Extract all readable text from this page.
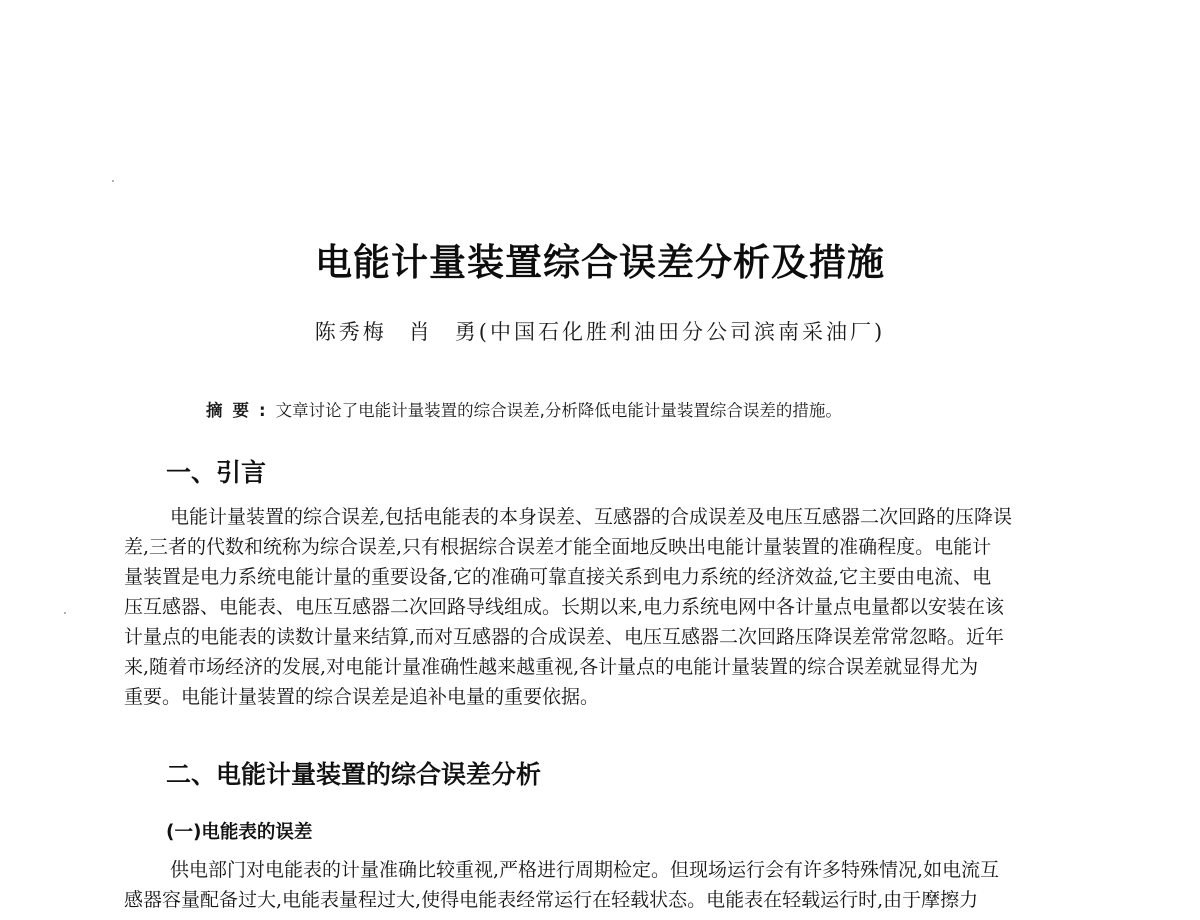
电能计量装置综合误差分析及措施
陈秀梅 肖 勇(中国石化胜利油田分公司滨南采油厂)
摘要:文章讨论了电能计量装置的综合误差,分析降低电能计量装置综合误差的措施。
一、引言
电能计量装置的综合误差,包括电能表的本身误差、互感器的合成误差及电压互感器二次回路的压降误
差,三者的代数和统称为综合误差,只有根据综合误差才能全面地反映出电能计量装置的准确程度。电能计
量装置是电力系统电能计量的重要设备,它的准确可靠直接关系到电力系统的经济效益,它主要由电流、电
压互感器、电能表、电压互感器二次回路导线组成。长期以来,电力系统电网中各计量点电量都以安装在该
计量点的电能表的读数计量来结算,而对互感器的合成误差、电压互感器二次回路压降误差常常忽略。近年
来,随着市场经济的发展,对电能计量准确性越来越重视,各计量点的电能计量装置的综合误差就显得尤为
重要。电能计量装置的综合误差是追补电量的重要依据。
二、电能计量装置的综合误差分析
(一)电能表的误差
供电部门对电能表的计量准确比较重视,严格进行周期检定。但现场运行会有许多特殊情况,如电流互
感器容量配备过大,电能表量程过大,使得电能表经常运行在轻载状态。电能表在轻载运行时,由于摩擦力
